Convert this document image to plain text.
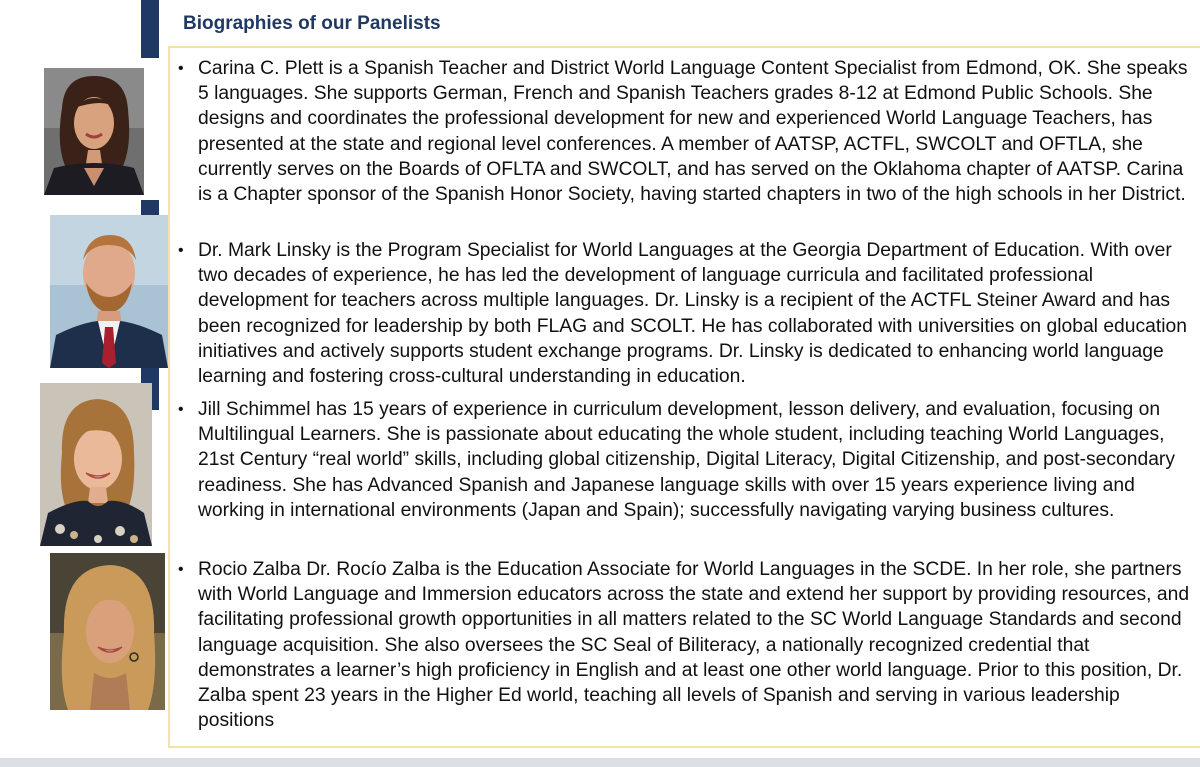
Biographies of our Panelists
• Carina C. Plett is a Spanish Teacher and District World Language Content Specialist from Edmond, OK. She speaks 5 languages. She supports German, French and Spanish Teachers grades 8-12 at Edmond Public Schools. She designs and coordinates the professional development for new and experienced World Language Teachers, has presented at the state and regional level conferences. A member of AATSP, ACTFL, SWCOLT and OFTLA, she currently serves on the Boards of OFLTA and SWCOLT, and has served on the Oklahoma chapter of AATSP. Carina is a Chapter sponsor of the Spanish Honor Society, having started chapters in two of the high schools in her District.
• Dr. Mark Linsky is the Program Specialist for World Languages at the Georgia Department of Education. With over two decades of experience, he has led the development of language curricula and facilitated professional development for teachers across multiple languages. Dr. Linsky is a recipient of the ACTFL Steiner Award and has been recognized for leadership by both FLAG and SCOLT. He has collaborated with universities on global education initiatives and actively supports student exchange programs. Dr. Linsky is dedicated to enhancing world language learning and fostering cross-cultural understanding in education.
• Jill Schimmel has 15 years of experience in curriculum development, lesson delivery, and evaluation, focusing on Multilingual Learners. She is passionate about educating the whole student, including teaching World Languages, 21st Century “real world” skills, including global citizenship, Digital Literacy, Digital Citizenship, and post-secondary readiness. She has Advanced Spanish and Japanese language skills with over 15 years experience living and working in international environments (Japan and Spain); successfully navigating varying business cultures.
• Rocio Zalba Dr. Rocío Zalba is the Education Associate for World Languages in the SCDE. In her role, she partners with World Language and Immersion educators across the state and extend her support by providing resources, and facilitating professional growth opportunities in all matters related to the SC World Language Standards and second language acquisition. She also oversees the SC Seal of Biliteracy, a nationally recognized credential that demonstrates a learner’s high proficiency in English and at least one other world language. Prior to this position, Dr. Zalba spent 23 years in the Higher Ed world, teaching all levels of Spanish and serving in various leadership positions
